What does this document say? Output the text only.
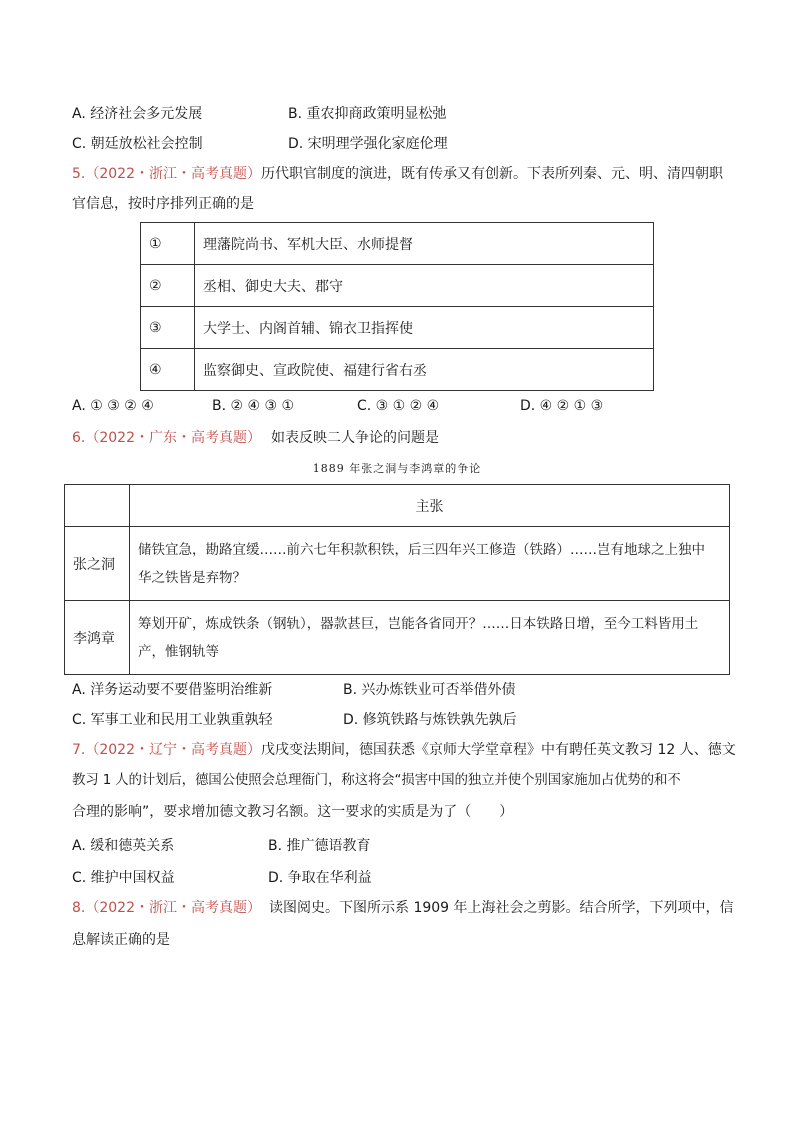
A. 经济社会多元发展	B. 重农抑商政策明显松弛
C. 朝廷放松社会控制	D. 宋明理学强化家庭伦理
5.（2022・浙江・高考真题）历代职官制度的演进，既有传承又有创新。下表所列秦、元、明、清四朝职
官信息，按时序排列正确的是
①	理藩院尚书、军机大臣、水师提督
②	丞相、御史大夫、郡守
③	大学士、内阁首辅、锦衣卫指挥使
④	监察御史、宣政院使、福建行省右丞
A. ① ③ ② ④	B. ② ④ ③ ①	C. ③ ① ② ④	D. ④ ② ① ③
6.（2022・广东・高考真题） 如表反映二人争论的问题是
1889 年张之洞与李鸿章的争论
	主张
张之洞	储铁宜急，勘路宜缓……前六七年积款积铁，后三四年兴工修造（铁路）……岂有地球之上独中
华之铁皆是弃物？

李鸿章	筹划开矿，炼成铁条（钢轨），器款甚巨，岂能各省同开？……日本铁路日增，至今工料皆用土
产，惟钢轨等
A. 洋务运动要不要借鉴明治维新	B. 兴办炼铁业可否举借外债
C. 军事工业和民用工业孰重孰轻	D. 修筑铁路与炼铁孰先孰后
7.（2022・辽宁・高考真题）戊戌变法期间，德国获悉《京师大学堂章程》中有聘任英文教习 12 人、德文
教习 1 人的计划后，德国公使照会总理衙门，称这将会“损害中国的独立并使个别国家施加占优势的和不
合理的影响”，要求增加德文教习名额。这一要求的实质是为了（　　）
A. 缓和德英关系	B. 推广德语教育
C. 维护中国权益	D. 争取在华利益
8.（2022・浙江・高考真题） 读图阅史。下图所示系 1909 年上海社会之剪影。结合所学，下列项中，信
息解读正确的是
